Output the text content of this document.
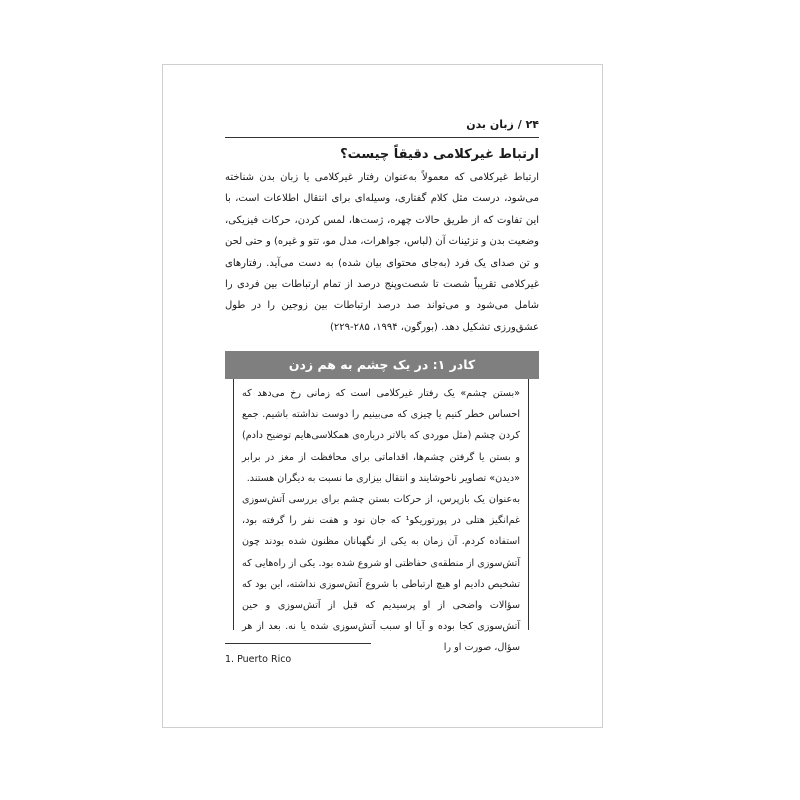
۲۴ / زبان بدن
ارتباط غیرکلامی دقیقاً چیست؟

ارتباط غیرکلامی که معمولاً به‌عنوان رفتار غیرکلامی یا زبان بدن شناخته می‌شود، درست مثل کلام گفتاری، وسیله‌ای برای انتقال اطلاعات است، با این تفاوت که از طریق حالات چهره، ژست‌ها، لمس کردن، حرکات فیزیکی، وضعیت بدن و تزئینات آن (لباس، جواهرات، مدل مو، تتو و غیره) و حتی لحن و تن صدای یک فرد (به‌جای محتوای بیان شده) به دست می‌آید. رفتارهای غیرکلامی تقریباً شصت تا شصت‌وپنج درصد از تمام ارتباطات بین فردی را شامل می‌شود و می‌تواند صد درصد ارتباطات بین زوجین را در طول عشق‌ورزی تشکیل دهد. (بورگون، ۱۹۹۴، ۲۸۵-۲۲۹)

کادر ۱: در یک چشم به هم زدن

«بستن چشم» یک رفتار غیرکلامی است که زمانی رخ می‌دهد که احساس خطر کنیم یا چیزی که می‌بینیم را دوست نداشته باشیم. جمع کردن چشم (مثل موردی که بالاتر درباره‌ی همکلاسی‌هایم توضیح دادم) و بستن یا گرفتن چشم‌ها، اقداماتی برای محافظت از مغز در برابر «دیدن» تصاویر ناخوشایند و انتقال بیزاری ما نسبت به دیگران هستند.

به‌عنوان یک بازپرس، از حرکات بستن چشم برای بررسی آتش‌سوزی غم‌انگیز هتلی در پورتوریکو¹ که جان نود و هفت نفر را گرفته بود، استفاده کردم. آن زمان به یکی از نگهبانان مظنون شده بودند چون آتش‌سوزی از منطقه‌ی حفاظتی او شروع شده بود. یکی از راه‌هایی که تشخیص دادیم او هیچ ارتباطی با شروع آتش‌سوزی نداشته، این بود که سؤالات واضحی از او پرسیدیم که قبل از آتش‌سوزی و حین آتش‌سوزی کجا بوده و آیا او سبب آتش‌سوزی شده یا نه. بعد از هر سؤال، صورت او را

1. Puerto Rico
